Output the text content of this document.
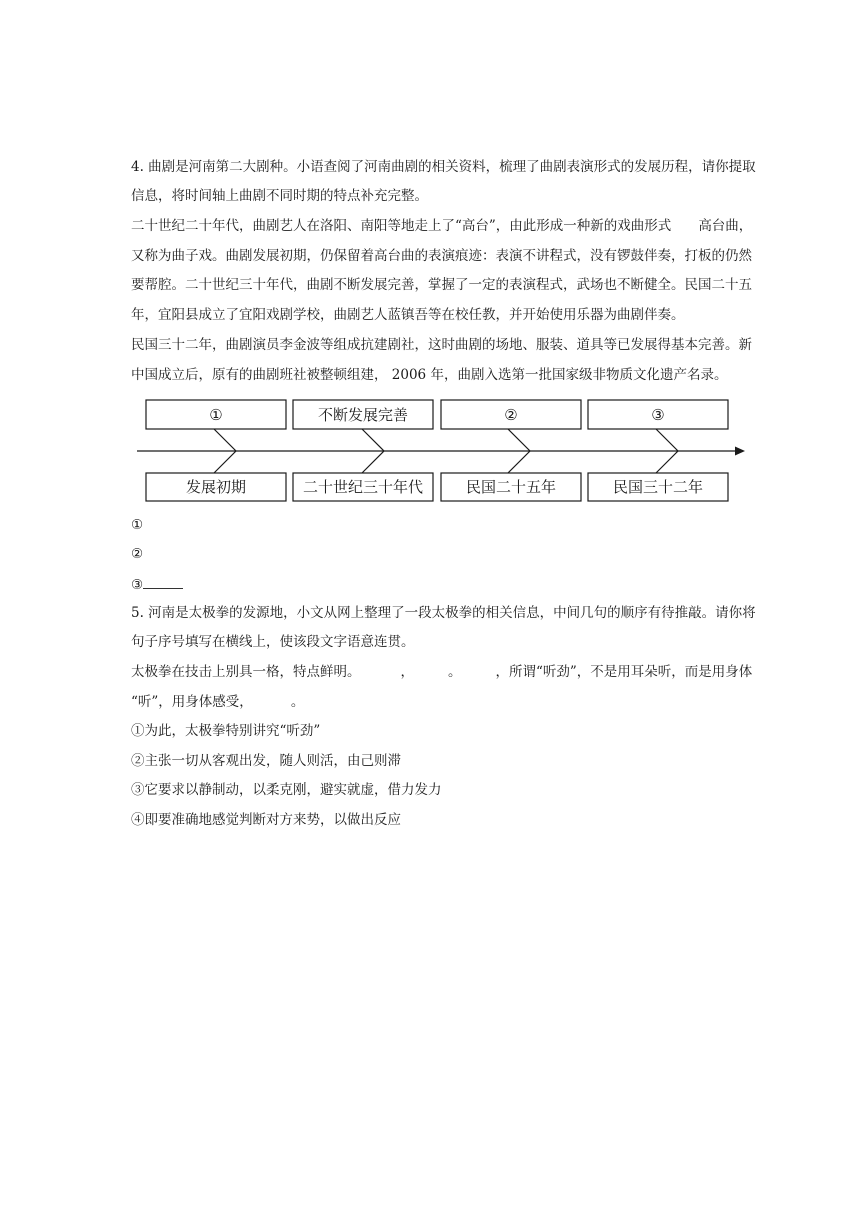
4. 曲剧是河南第二大剧种。小语查阅了河南曲剧的相关资料，梳理了曲剧表演形式的发展历程，请你提取
信息，将时间轴上曲剧不同时期的特点补充完整。
二十世纪二十年代，曲剧艺人在洛阳、南阳等地走上了“高台”，由此形成一种新的戏曲形式 高台曲，
又称为曲子戏。曲剧发展初期，仍保留着高台曲的表演痕迹：表演不讲程式，没有锣鼓伴奏，打板的仍然
要帮腔。二十世纪三十年代，曲剧不断发展完善，掌握了一定的表演程式，武场也不断健全。民国二十五
年，宜阳县成立了宜阳戏剧学校，曲剧艺人蓝镇吾等在校任教，并开始使用乐器为曲剧伴奏。
民国三十二年，曲剧演员李金波等组成抗建剧社，这时曲剧的场地、服装、道具等已发展得基本完善。新
中国成立后，原有的曲剧班社被整顿组建， 2006 年，曲剧入选第一批国家级非物质文化遗产名录。
①	不断发展完善	②	③
发展初期	二十世纪三十年代	民国二十五年	民国三十二年
①
②
③
5. 河南是太极拳的发源地，小文从网上整理了一段太极拳的相关信息，中间几句的顺序有待推敲。请你将
句子序号填写在横线上，使该段文字语意连贯。
太极拳在技击上别具一格，特点鲜明。	，	。	，所谓“听劲”，不是用耳朵听，而是用身体
“听”，用身体感受，	。
①为此，太极拳特别讲究“听劲”
②主张一切从客观出发，随人则活，由己则滞
③它要求以静制动，以柔克刚，避实就虚，借力发力
④即要准确地感觉判断对方来势，以做出反应
